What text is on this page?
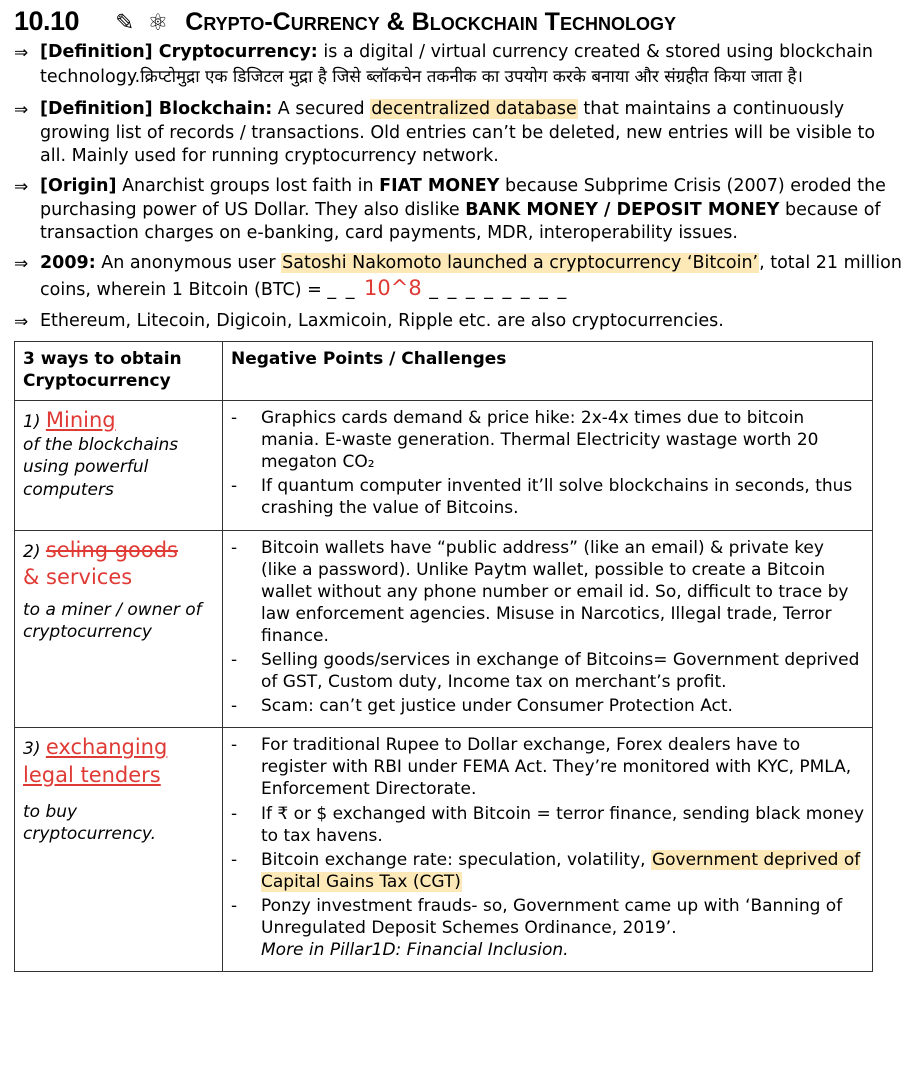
10.10 ✎ ⚛ Crypto-Currency & Blockchain Technology
⇒ [Definition] Cryptocurrency: is a digital / virtual currency created & stored using blockchain technology.क्रिप्टोमुद्रा एक डिजिटल मुद्रा है जिसे ब्लॉकचेन तकनीक का उपयोग करके बनाया और संग्रहीत किया जाता है।
⇒ [Definition] Blockchain: A secured decentralized database that maintains a continuously growing list of records / transactions. Old entries can’t be deleted, new entries will be visible to all. Mainly used for running cryptocurrency network.
⇒ [Origin] Anarchist groups lost faith in FIAT MONEY because Subprime Crisis (2007) eroded the purchasing power of US Dollar. They also dislike BANK MONEY / DEPOSIT MONEY because of transaction charges on e-banking, card payments, MDR, interoperability issues.
⇒ 2009: An anonymous user Satoshi Nakomoto launched a cryptocurrency ‘Bitcoin’, total 21 million coins, wherein 1 Bitcoin (BTC) = _ _ 10^8 _ _ _ _ _ _ _ _
⇒ Ethereum, Litecoin, Digicoin, Laxmicoin, Ripple etc. are also cryptocurrencies.
3 ways to obtain Cryptocurrency	Negative Points / Challenges

1) Mining
of the blockchains using powerful computers

-	Graphics cards demand & price hike: 2x-4x times due to bitcoin mania. E-waste generation. Thermal Electricity wastage worth 20 megaton CO₂
-	If quantum computer invented it’ll solve blockchains in seconds, thus crashing the value of Bitcoins.

2) seling goods
& services
to a miner / owner of cryptocurrency

-	Bitcoin wallets have “public address” (like an email) & private key (like a password). Unlike Paytm wallet, possible to create a Bitcoin wallet without any phone number or email id. So, difficult to trace by law enforcement agencies. Misuse in Narcotics, Illegal trade, Terror finance.
-	Selling goods/services in exchange of Bitcoins= Government deprived of GST, Custom duty, Income tax on merchant’s profit.
-	Scam: can’t get justice under Consumer Protection Act.

3) exchanging
legal tenders
to buy cryptocurrency.

-	For traditional Rupee to Dollar exchange, Forex dealers have to register with RBI under FEMA Act. They’re monitored with KYC, PMLA, Enforcement Directorate.
-	If ₹ or $ exchanged with Bitcoin = terror finance, sending black money to tax havens.
-	Bitcoin exchange rate: speculation, volatility, Government deprived of Capital Gains Tax (CGT)
-	Ponzy investment frauds- so, Government came up with ‘Banning of Unregulated Deposit Schemes Ordinance, 2019’.
More in Pillar1D: Financial Inclusion.
